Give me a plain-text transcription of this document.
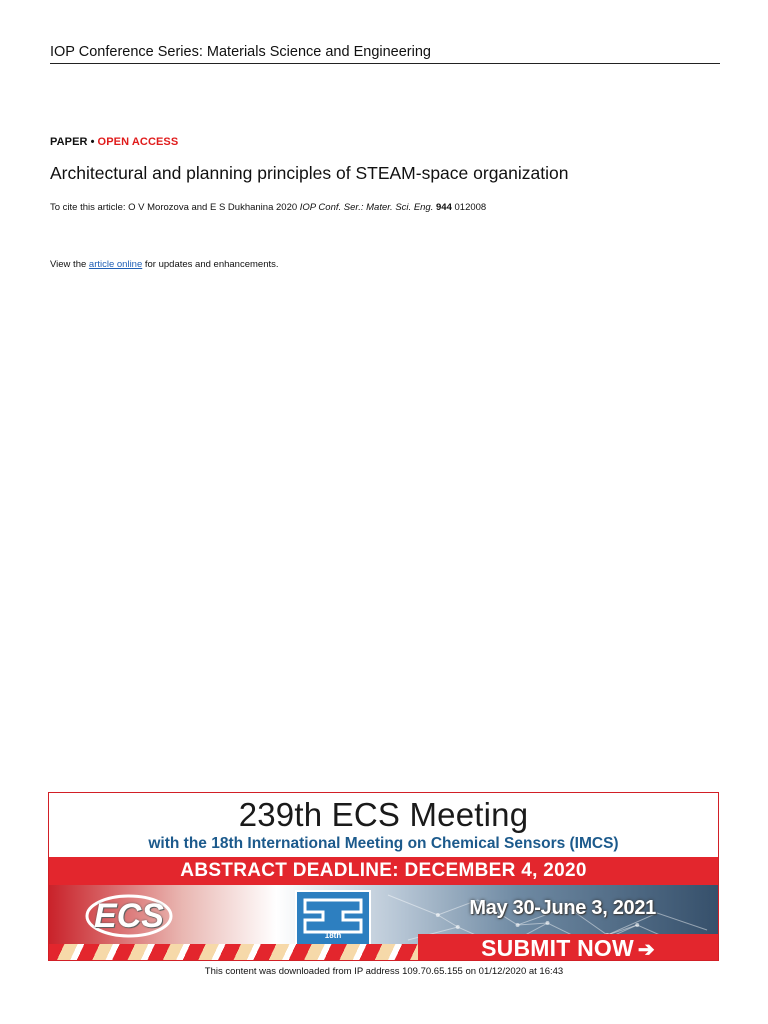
IOP Conference Series: Materials Science and Engineering
PAPER • OPEN ACCESS
Architectural and planning principles of STEAM-space organization
To cite this article: O V Morozova and E S Dukhanina 2020 IOP Conf. Ser.: Mater. Sci. Eng. 944 012008
View the article online for updates and enhancements.
239th ECS Meeting
with the 18th International Meeting on Chemical Sensors (IMCS)
ABSTRACT DEADLINE: DECEMBER 4, 2020
ECS
18th
May 30-June 3, 2021
SUBMIT NOW ➔
This content was downloaded from IP address 109.70.65.155 on 01/12/2020 at 16:43
